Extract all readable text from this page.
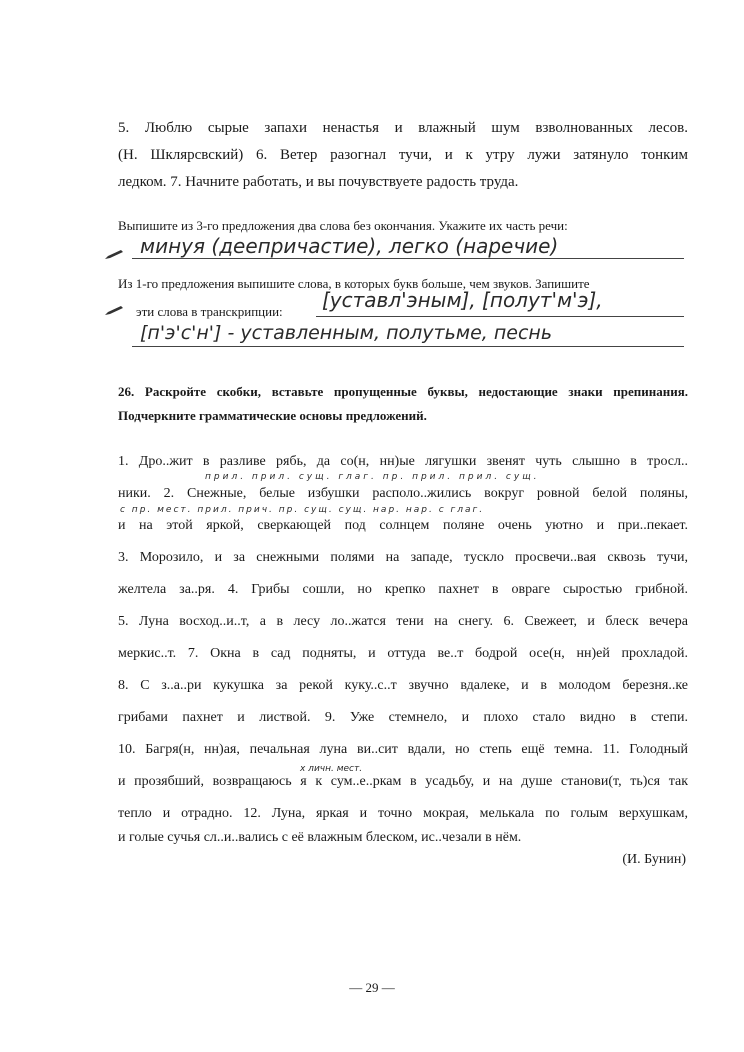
5. Люблю сырые запахи ненастья и влажный шум взволнованных лесов.
(Н. Шклярсвский) 6. Ветер разогнал тучи, и к утру лужи затянуло тонким
ледком. 7. Начните работать, и вы почувствуете радость труда.
Выпишите из 3-го предложения два слова без окончания. Укажите их часть речи:
минуя (деепричастие), легко (наречие)
Из 1-го предложения выпишите слова, в которых букв больше, чем звуков. Запишите
эти слова в транскрипции: [уставл'эным], [полут'м'э],
[п'э'с'н'] - уставленным, полутьме, песнь
26. Раскройте скобки, вставьте пропущенные буквы, недостающие знаки препинания.
Подчеркните грамматические основы предложений.
1. Дро..жит в разливе рябь, да со(н, нн)ые лягушки звенят чуть слышно в тросл..
ники. 2. Снежные, белые избушки располо..жились вокруг ровной белой поляны,
и на этой яркой, сверкающей под солнцем поляне очень уютно и при..пекает.
3. Морозило, и за снежными полями на западе, тускло просвечи..вая сквозь тучи,
желтела за..ря. 4. Грибы сошли, но крепко пахнет в овраге сыростью грибной.
5. Луна восход..и..т, а в лесу ло..жатся тени на снегу. 6. Свежеет, и блеск вечера
меркис..т. 7. Окна в сад подняты, и оттуда ве..т бодрой осе(н, нн)ей прохладой.
8. С з..а..ри кукушка за рекой куку..с..т звучно вдалеке, и в молодом березня..ке
грибами пахнет и листвой. 9. Уже стемнело, и плохо стало видно в степи.
10. Багря(н, нн)ая, печальная луна ви..сит вдали, но степь ещё темна. 11. Голодный
и прозябший, возвращаюсь я к сум..е..ркам в усадьбу, и на душе станови(т, ть)ся так
тепло и отрадно. 12. Луна, яркая и точно мокрая, мелькала по голым верхушкам,
и голые сучья сл..и..вались с её влажным блеском, ис..чезали в нём.
прил. прил. сущ. глаг. пр. прил. прил. сущ.
с пр. мест. прил. прич. пр. сущ. сущ. нар. нар. с глаг.
х личн. мест.
(И. Бунин)
— 29 —
